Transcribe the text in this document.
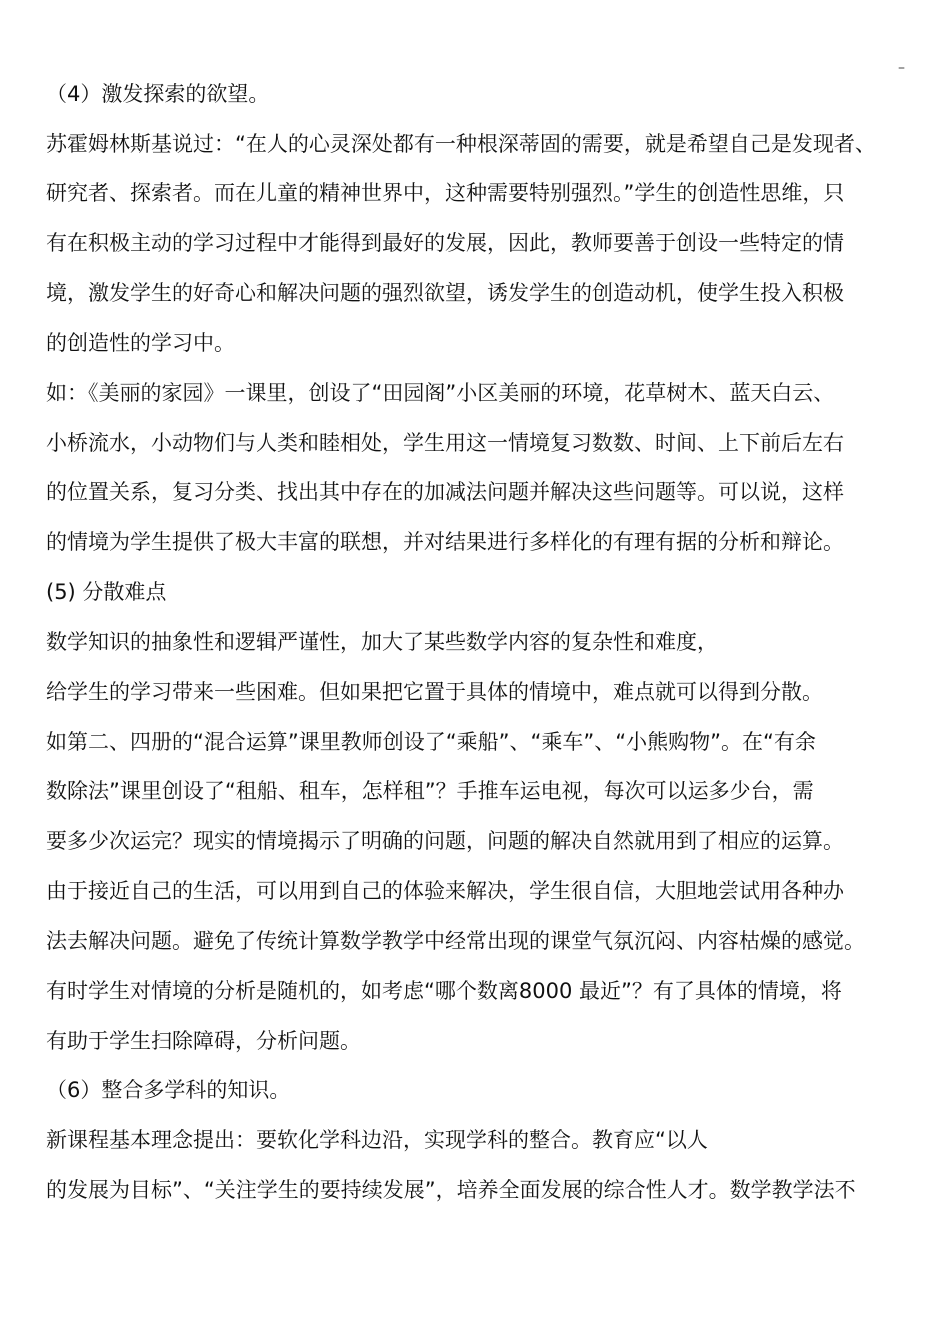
–
（4）激发探索的欲望。
苏霍姆林斯基说过：“在人的心灵深处都有一种根深蒂固的需要，就是希望自己是发现者、
研究者、探索者。而在儿童的精神世界中，这种需要特别强烈。”学生的创造性思维，只
有在积极主动的学习过程中才能得到最好的发展，因此，教师要善于创设一些特定的情
境，激发学生的好奇心和解决问题的强烈欲望，诱发学生的创造动机，使学生投入积极
的创造性的学习中。
如：《美丽的家园》一课里，创设了“田园阁”小区美丽的环境，花草树木、蓝天白云、
小桥流水，小动物们与人类和睦相处，学生用这一情境复习数数、时间、上下前后左右
的位置关系，复习分类、找出其中存在的加减法问题并解决这些问题等。可以说，这样
的情境为学生提供了极大丰富的联想，并对结果进行多样化的有理有据的分析和辩论。
(5) 分散难点
数学知识的抽象性和逻辑严谨性，加大了某些数学内容的复杂性和难度，
给学生的学习带来一些困难。但如果把它置于具体的情境中，难点就可以得到分散。
如第二、四册的“混合运算”课里教师创设了“乘船”、“乘车”、“小熊购物”。在“有余
数除法”课里创设了“租船、租车，怎样租”？手推车运电视，每次可以运多少台，需
要多少次运完？现实的情境揭示了明确的问题，问题的解决自然就用到了相应的运算。
由于接近自己的生活，可以用到自己的体验来解决，学生很自信，大胆地尝试用各种办
法去解决问题。避免了传统计算数学教学中经常出现的课堂气氛沉闷、内容枯燥的感觉。
有时学生对情境的分析是随机的，如考虑“哪个数离8000 最近”？有了具体的情境，将
有助于学生扫除障碍，分析问题。
（6）整合多学科的知识。
新课程基本理念提出：要软化学科边沿，实现学科的整合。教育应“以人
的发展为目标”、“关注学生的要持续发展”，培养全面发展的综合性人才。数学教学法不
